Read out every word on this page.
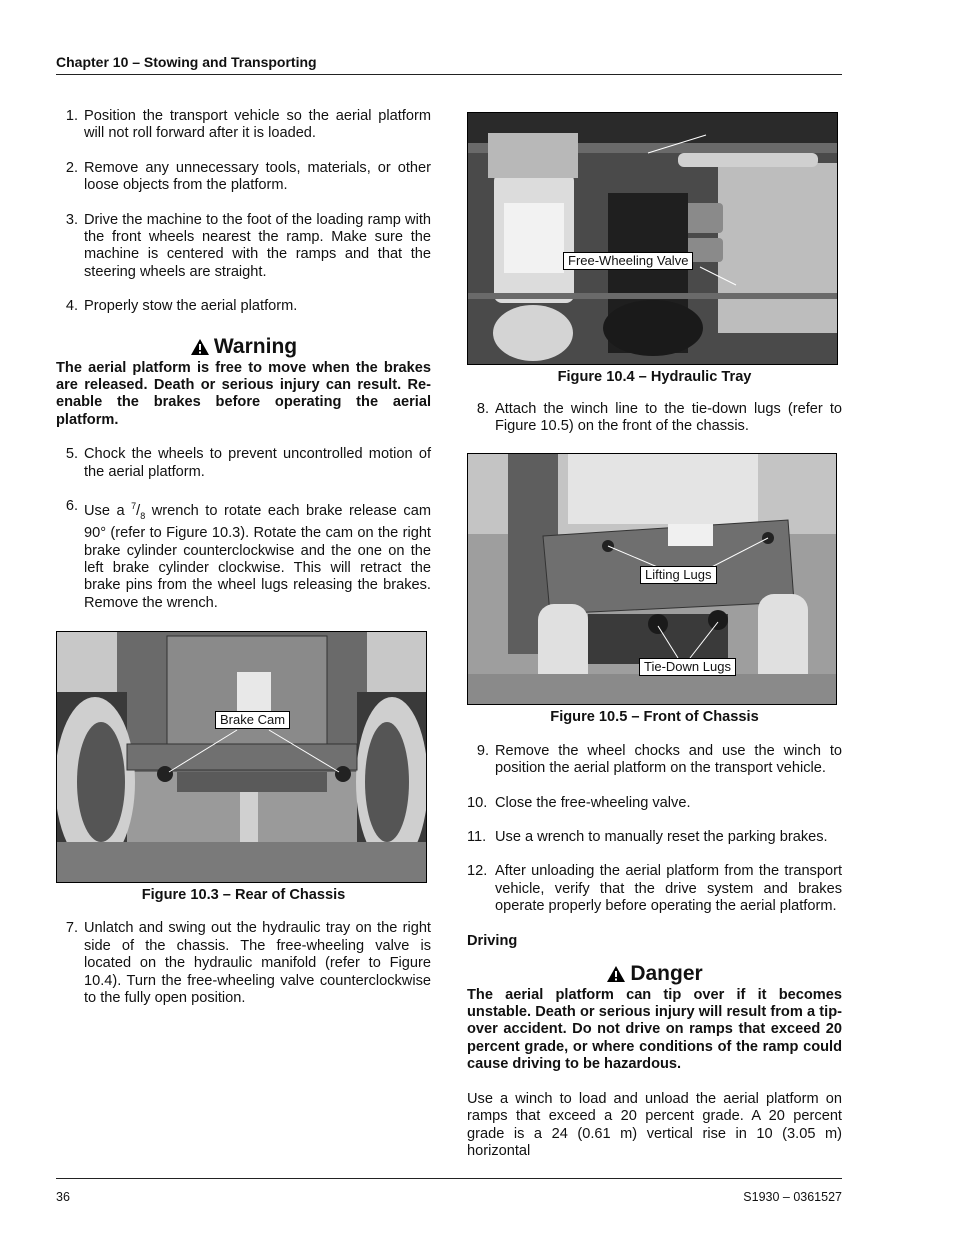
Chapter 10 – Stowing and Transporting
1. Position the transport vehicle so the aerial platform will not roll forward after it is loaded.
2. Remove any unnecessary tools, materials, or other loose objects from the platform.
3. Drive the machine to the foot of the loading ramp with the front wheels nearest the ramp. Make sure the machine is centered with the ramps and that the steering wheels are straight.
4. Properly stow the aerial platform.
Warning
The aerial platform is free to move when the brakes are released. Death or serious injury can result. Re-enable the brakes before operating the aerial platform.
5. Chock the wheels to prevent uncontrolled motion of the aerial platform.
6. Use a $^7/_8$ wrench to rotate each brake release cam 90° (refer to Figure 10.3). Rotate the cam on the right brake cylinder counterclockwise and the one on the left brake cylinder clockwise. This will retract the brake pins from the wheel lugs releasing the brakes. Remove the wrench.
Brake Cam
Figure 10.3 – Rear of Chassis
7. Unlatch and swing out the hydraulic tray on the right side of the chassis. The free-wheeling valve is located on the hydraulic manifold (refer to Figure 10.4). Turn the free-wheeling valve counterclockwise to the fully open position.
Free-Wheeling Valve
Figure 10.4 – Hydraulic Tray
8. Attach the winch line to the tie-down lugs (refer to Figure 10.5) on the front of the chassis.
Lifting Lugs
Tie-Down Lugs
Figure 10.5 – Front of Chassis
9. Remove the wheel chocks and use the winch to position the aerial platform on the transport vehicle.
10. Close the free-wheeling valve.
11. Use a wrench to manually reset the parking brakes.
12. After unloading the aerial platform from the transport vehicle, verify that the drive system and brakes operate properly before operating the aerial platform.
Driving
Danger
The aerial platform can tip over if it becomes unstable. Death or serious injury will result from a tip-over accident. Do not drive on ramps that exceed 20 percent grade, or where conditions of the ramp could cause driving to be hazardous.
Use a winch to load and unload the aerial platform on ramps that exceed a 20 percent grade. A 20 percent grade is a 24 (0.61 m) vertical rise in 10 (3.05 m) horizontal
36	S1930 – 0361527
